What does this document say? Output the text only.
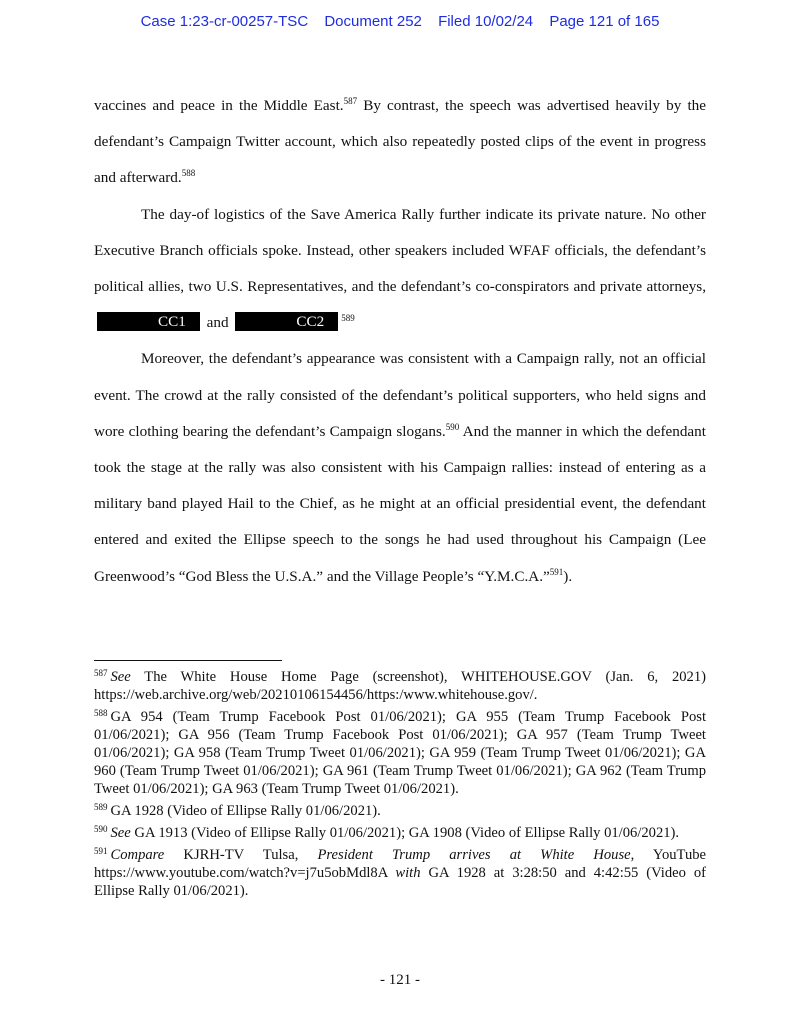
Case 1:23-cr-00257-TSC Document 252 Filed 10/02/24 Page 121 of 165

vaccines and peace in the Middle East.$^{587}$ By contrast, the speech was advertised heavily by the defendant’s Campaign Twitter account, which also repeatedly posted clips of the event in progress and afterward.$^{588}$

The day-of logistics of the Save America Rally further indicate its private nature. No other Executive Branch officials spoke. Instead, other speakers included WFAF officials, the defendant’s political allies, two U.S. Representatives, and the defendant’s co-conspirators and private attorneys, CC1 and	CC2 $^{589}$

Moreover, the defendant’s appearance was consistent with a Campaign rally, not an official event. The crowd at the rally consisted of the defendant’s political supporters, who held signs and wore clothing bearing the defendant’s Campaign slogans.$^{590}$ And the manner in which the defendant took the stage at the rally was also consistent with his Campaign rallies: instead of entering as a military band played Hail to the Chief, as he might at an official presidential event, the defendant entered and exited the Ellipse speech to the songs he had used throughout his Campaign (Lee Greenwood’s “God Bless the U.S.A.” and the Village People’s “Y.M.C.A.”$^{591}$).

$^{587}$ See The White House Home Page (screenshot), WHITEHOUSE.GOV (Jan. 6, 2021) https://web.archive.org/web/20210106154456/https:/www.whitehouse.gov/.
$^{588}$ GA 954 (Team Trump Facebook Post 01/06/2021); GA 955 (Team Trump Facebook Post 01/06/2021); GA 956 (Team Trump Facebook Post 01/06/2021); GA 957 (Team Trump Tweet 01/06/2021); GA 958 (Team Trump Tweet 01/06/2021); GA 959 (Team Trump Tweet 01/06/2021); GA 960 (Team Trump Tweet 01/06/2021); GA 961 (Team Trump Tweet 01/06/2021); GA 962 (Team Trump Tweet 01/06/2021); GA 963 (Team Trump Tweet 01/06/2021).
$^{589}$ GA 1928 (Video of Ellipse Rally 01/06/2021).
$^{590}$ See GA 1913 (Video of Ellipse Rally 01/06/2021); GA 1908 (Video of Ellipse Rally 01/06/2021).
$^{591}$ Compare KJRH-TV Tulsa, President Trump arrives at White House, YouTube https://www.youtube.com/watch?v=j7u5obMdl8A with GA 1928 at 3:28:50 and 4:42:55 (Video of Ellipse Rally 01/06/2021).
- 121 -
